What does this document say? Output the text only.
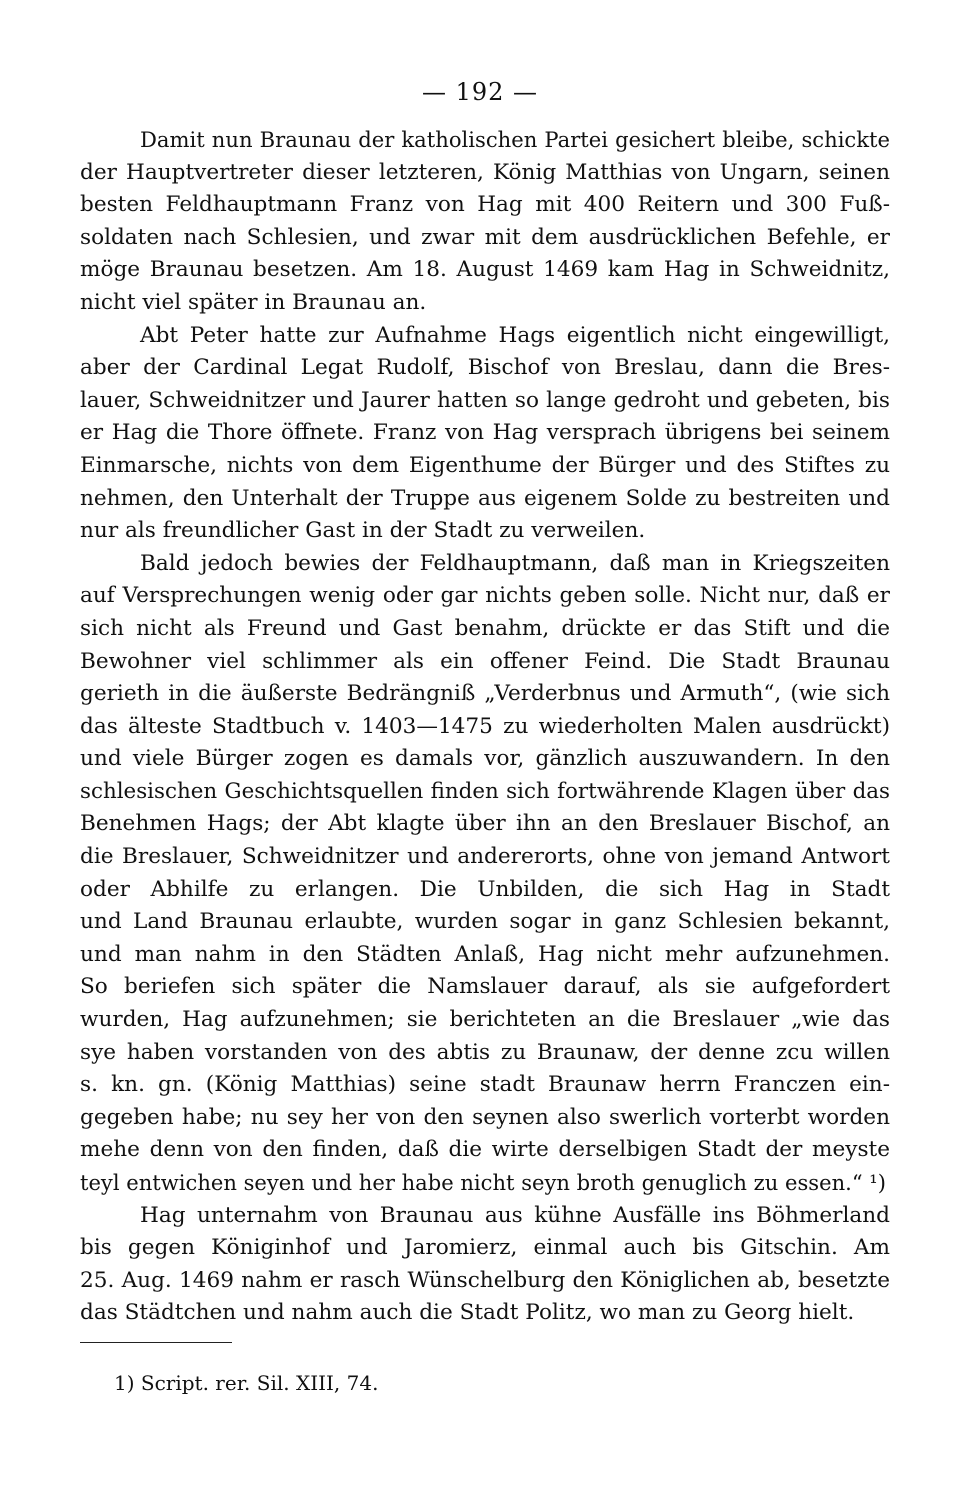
— 192 —

Damit nun Braunau der katholischen Partei gesichert bleibe, schickte
der Hauptvertreter dieser letzteren, König Matthias von Ungarn, seinen
besten Feldhauptmann Franz von Hag mit 400 Reitern und 300 Fuß-
soldaten nach Schlesien, und zwar mit dem ausdrücklichen Befehle, er
möge Braunau besetzen. Am 18. August 1469 kam Hag in Schweidnitz,
nicht viel später in Braunau an.

Abt Peter hatte zur Aufnahme Hags eigentlich nicht eingewilligt,
aber der Cardinal Legat Rudolf, Bischof von Breslau, dann die Bres-
lauer, Schweidnitzer und Jaurer hatten so lange gedroht und gebeten, bis
er Hag die Thore öffnete. Franz von Hag versprach übrigens bei seinem
Einmarsche, nichts von dem Eigenthume der Bürger und des Stiftes zu
nehmen, den Unterhalt der Truppe aus eigenem Solde zu bestreiten und
nur als freundlicher Gast in der Stadt zu verweilen.

Bald jedoch bewies der Feldhauptmann, daß man in Kriegszeiten
auf Versprechungen wenig oder gar nichts geben solle. Nicht nur, daß er
sich nicht als Freund und Gast benahm, drückte er das Stift und die
Bewohner viel schlimmer als ein offener Feind. Die Stadt Braunau
gerieth in die äußerste Bedrängniß „Verderbnus und Armuth“, (wie sich
das älteste Stadtbuch v. 1403—1475 zu wiederholten Malen ausdrückt)
und viele Bürger zogen es damals vor, gänzlich auszuwandern. In den
schlesischen Geschichtsquellen finden sich fortwährende Klagen über das
Benehmen Hags; der Abt klagte über ihn an den Breslauer Bischof, an
die Breslauer, Schweidnitzer und andererorts, ohne von jemand Antwort
oder Abhilfe zu erlangen. Die Unbilden, die sich Hag in Stadt
und Land Braunau erlaubte, wurden sogar in ganz Schlesien bekannt,
und man nahm in den Städten Anlaß, Hag nicht mehr aufzunehmen.
So beriefen sich später die Namslauer darauf, als sie aufgefordert
wurden, Hag aufzunehmen; sie berichteten an die Breslauer „wie das
sye haben vorstanden von des abtis zu Braunaw, der denne zcu willen
s. kn. gn. (König Matthias) seine stadt Braunaw herrn Franczen ein-
gegeben habe; nu sey her von den seynen also swerlich vorterbt worden
mehe denn von den finden, daß die wirte derselbigen Stadt der meyste
teyl entwichen seyen und her habe nicht seyn broth genuglich zu essen.“ ¹)

Hag unternahm von Braunau aus kühne Ausfälle ins Böhmerland
bis gegen Königinhof und Jaromierz, einmal auch bis Gitschin. Am
25. Aug. 1469 nahm er rasch Wünschelburg den Königlichen ab, besetzte
das Städtchen und nahm auch die Stadt Politz, wo man zu Georg hielt.

1) Script. rer. Sil. XIII, 74.
